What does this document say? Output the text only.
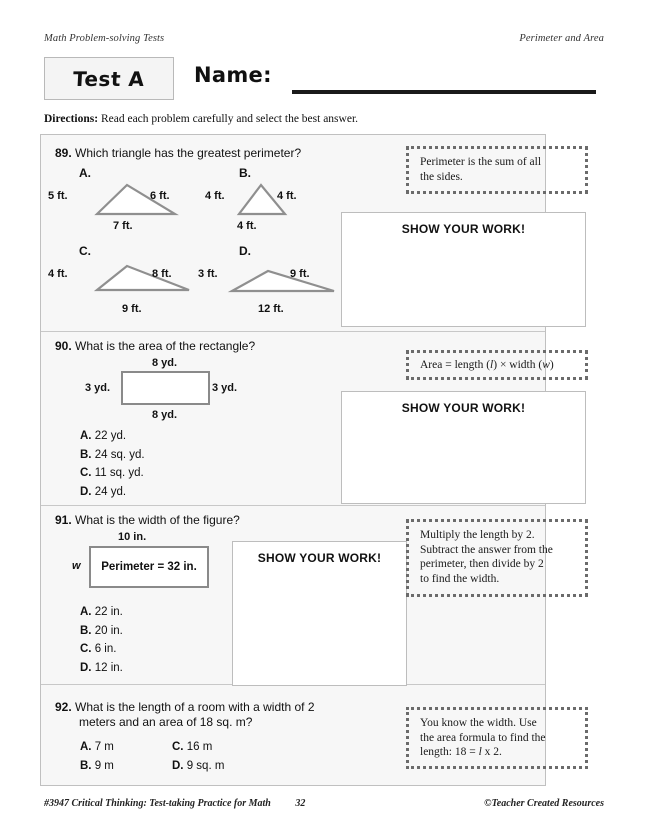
Math Problem-solving Tests	Perimeter and Area
Test A Name:
Directions: Read each problem carefully and select the best answer.
89. Which triangle has the greatest perimeter?
A.
5 ft.	6 ft.
7 ft.
B.
4 ft.	4 ft.
4 ft.
C.
4 ft.	8 ft.
9 ft.
D.
3 ft.	9 ft.
12 ft.
Perimeter is the sum of all
the sides.
SHOW YOUR WORK!
90. What is the area of the rectangle?
8 yd.
3 yd.	3 yd.
8 yd.
A. 22 yd.
B. 24 sq. yd.
C. 11 sq. yd.
D. 24 yd.
Area = length (l) × width (w)
SHOW YOUR WORK!
91. What is the width of the figure?
10 in.
Perimeter = 32 in.
w
A. 22 in.
B. 20 in.
C. 6 in.
D. 12 in.
SHOW YOUR WORK!
Multiply the length by 2.
Subtract the answer from the
perimeter, then divide by 2
to find the width.
92. What is the length of a room with a width of 2
meters and an area of 18 sq. m?
A. 7 m	C. 16 m
B. 9 m	D. 9 sq. m
You know the width. Use
the area formula to find the
length: 18 = l x 2.
#3947 Critical Thinking: Test-taking Practice for Math 32	©Teacher Created Resources
